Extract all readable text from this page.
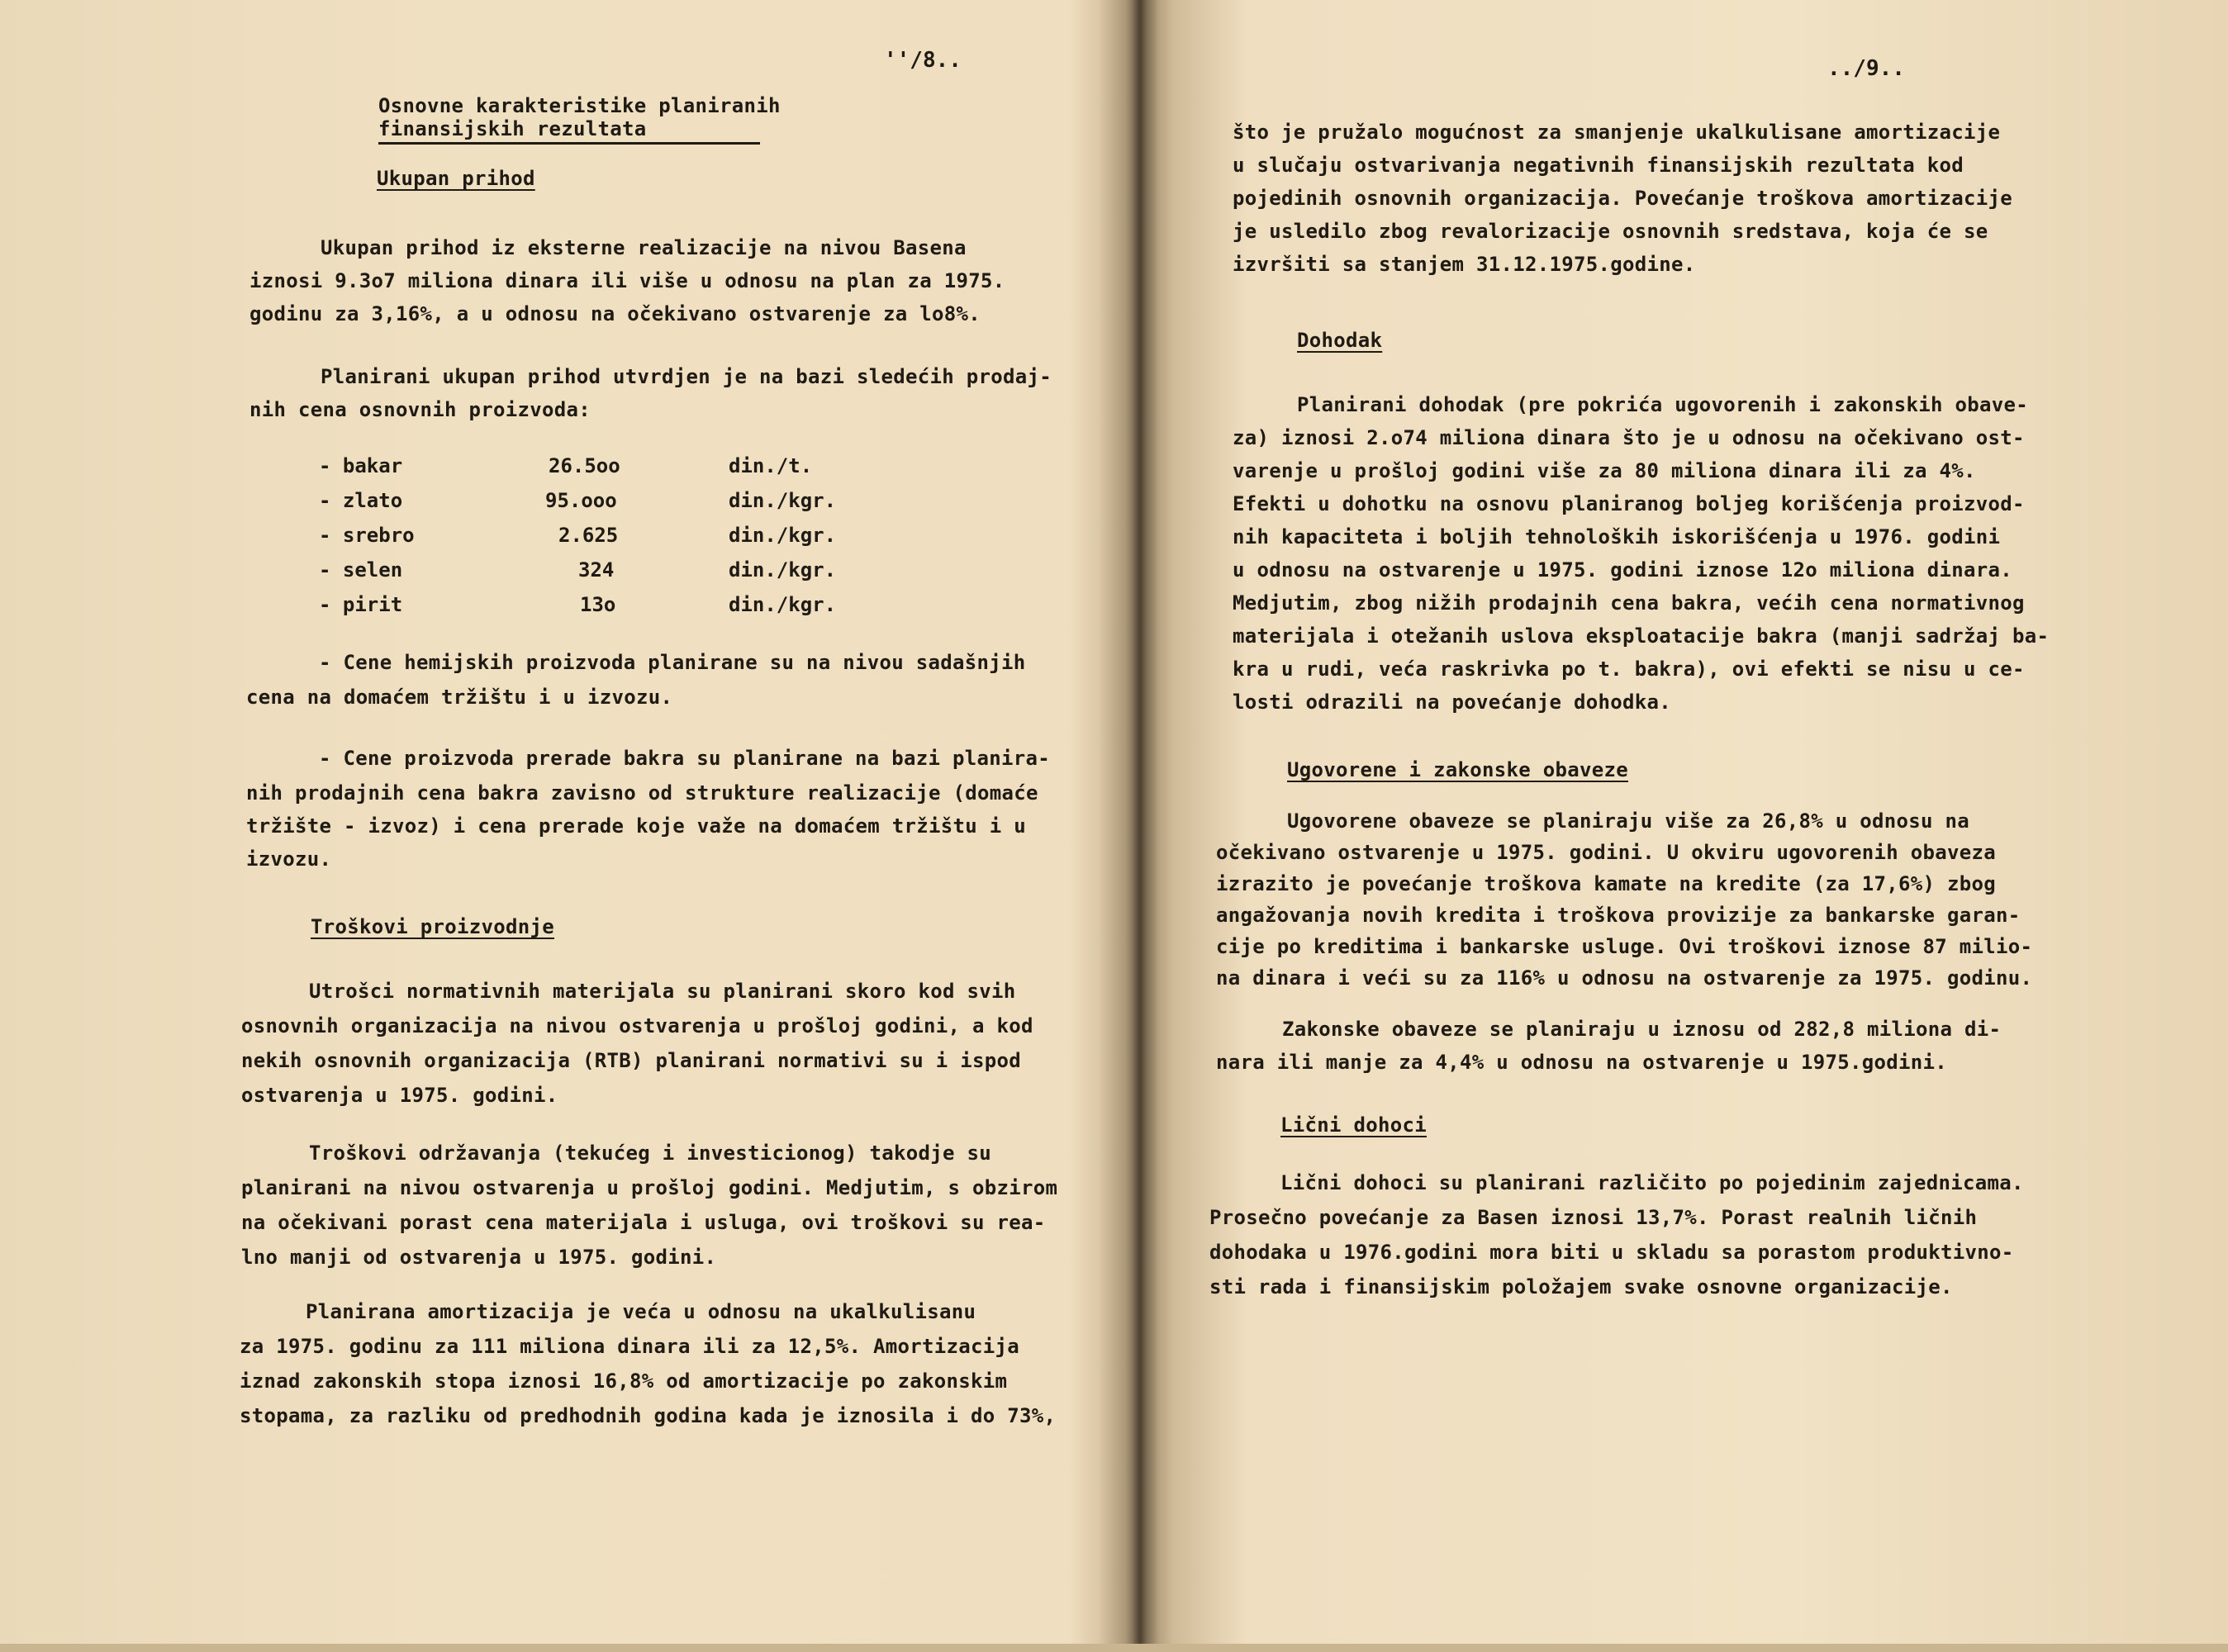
''/8..
Osnovne karakteristike planiranih
finansijskih rezultata
Ukupan prihod
Ukupan prihod iz eksterne realizacije na nivou Basena
iznosi 9.3o7 miliona dinara ili više u odnosu na plan za 1975.
godinu za 3,16%, a u odnosu na očekivano ostvarenje za lo8%.
Planirani ukupan prihod utvrdjen je na bazi sledećih prodaj-
nih cena osnovnih proizvoda:
- bakar	26.5oo	din./t.
- zlato	95.ooo	din./kgr.
- srebro	2.625	din./kgr.
- selen	324	din./kgr.
- pirit	13o	din./kgr.
- Cene hemijskih proizvoda planirane su na nivou sadašnjih
cena na domaćem tržištu i u izvozu.
- Cene proizvoda prerade bakra su planirane na bazi planira-
nih prodajnih cena bakra zavisno od strukture realizacije (domaće
tržište - izvoz) i cena prerade koje važe na domaćem tržištu i u
izvozu.
Troškovi proizvodnje
Utrošci normativnih materijala su planirani skoro kod svih
osnovnih organizacija na nivou ostvarenja u prošloj godini, a kod
nekih osnovnih organizacija (RTB) planirani normativi su i ispod
ostvarenja u 1975. godini.
Troškovi održavanja (tekućeg i investicionog) takodje su
planirani na nivou ostvarenja u prošloj godini. Medjutim, s obzirom
na očekivani porast cena materijala i usluga, ovi troškovi su rea-
lno manji od ostvarenja u 1975. godini.
Planirana amortizacija je veća u odnosu na ukalkulisanu
za 1975. godinu za 111 miliona dinara ili za 12,5%. Amortizacija
iznad zakonskih stopa iznosi 16,8% od amortizacije po zakonskim
stopama, za razliku od predhodnih godina kada je iznosila i do 73%,
../9..
što je pružalo mogućnost za smanjenje ukalkulisane amortizacije
u slučaju ostvarivanja negativnih finansijskih rezultata kod
pojedinih osnovnih organizacija. Povećanje troškova amortizacije
je usledilo zbog revalorizacije osnovnih sredstava, koja će se
izvršiti sa stanjem 31.12.1975.godine.
Dohodak
Planirani dohodak (pre pokrića ugovorenih i zakonskih obave-
za) iznosi 2.o74 miliona dinara što je u odnosu na očekivano ost-
varenje u prošloj godini više za 80 miliona dinara ili za 4%.
Efekti u dohotku na osnovu planiranog boljeg korišćenja proizvod-
nih kapaciteta i boljih tehnoloških iskorišćenja u 1976. godini
u odnosu na ostvarenje u 1975. godini iznose 12o miliona dinara.
Medjutim, zbog nižih prodajnih cena bakra, većih cena normativnog
materijala i otežanih uslova eksploatacije bakra (manji sadržaj ba-
kra u rudi, veća raskrivka po t. bakra), ovi efekti se nisu u ce-
losti odrazili na povećanje dohodka.
Ugovorene i zakonske obaveze
Ugovorene obaveze se planiraju više za 26,8% u odnosu na
očekivano ostvarenje u 1975. godini. U okviru ugovorenih obaveza
izrazito je povećanje troškova kamate na kredite (za 17,6%) zbog
angažovanja novih kredita i troškova provizije za bankarske garan-
cije po kreditima i bankarske usluge. Ovi troškovi iznose 87 milio-
na dinara i veći su za 116% u odnosu na ostvarenje za 1975. godinu.
Zakonske obaveze se planiraju u iznosu od 282,8 miliona di-
nara ili manje za 4,4% u odnosu na ostvarenje u 1975.godini.
Lični dohoci
Lični dohoci su planirani različito po pojedinim zajednicama.
Prosečno povećanje za Basen iznosi 13,7%. Porast realnih ličnih
dohodaka u 1976.godini mora biti u skladu sa porastom produktivno-
sti rada i finansijskim položajem svake osnovne organizacije.
